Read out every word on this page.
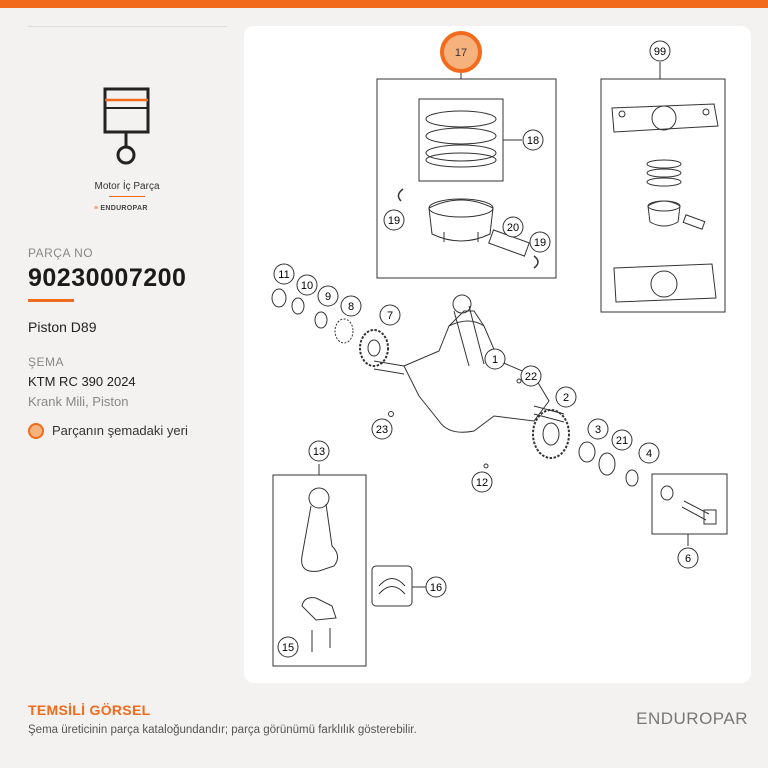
Motor İç Parça
≡ ENDUROPAR
PARÇA NO
90230007200
Piston D89
ŞEMA
KTM RC 390 2024
Krank Mili, Piston
Parçanın şemadaki yeri
17
18
19
20
19
99
11
10
9
8
7
1
22
2
23	3
21
4
12
13
6
16
15
TEMSİLİ GÖRSEL
Şema üreticinin parça kataloğundandır; parça görünümü farklılık gösterebilir.
ENDUROPAR
